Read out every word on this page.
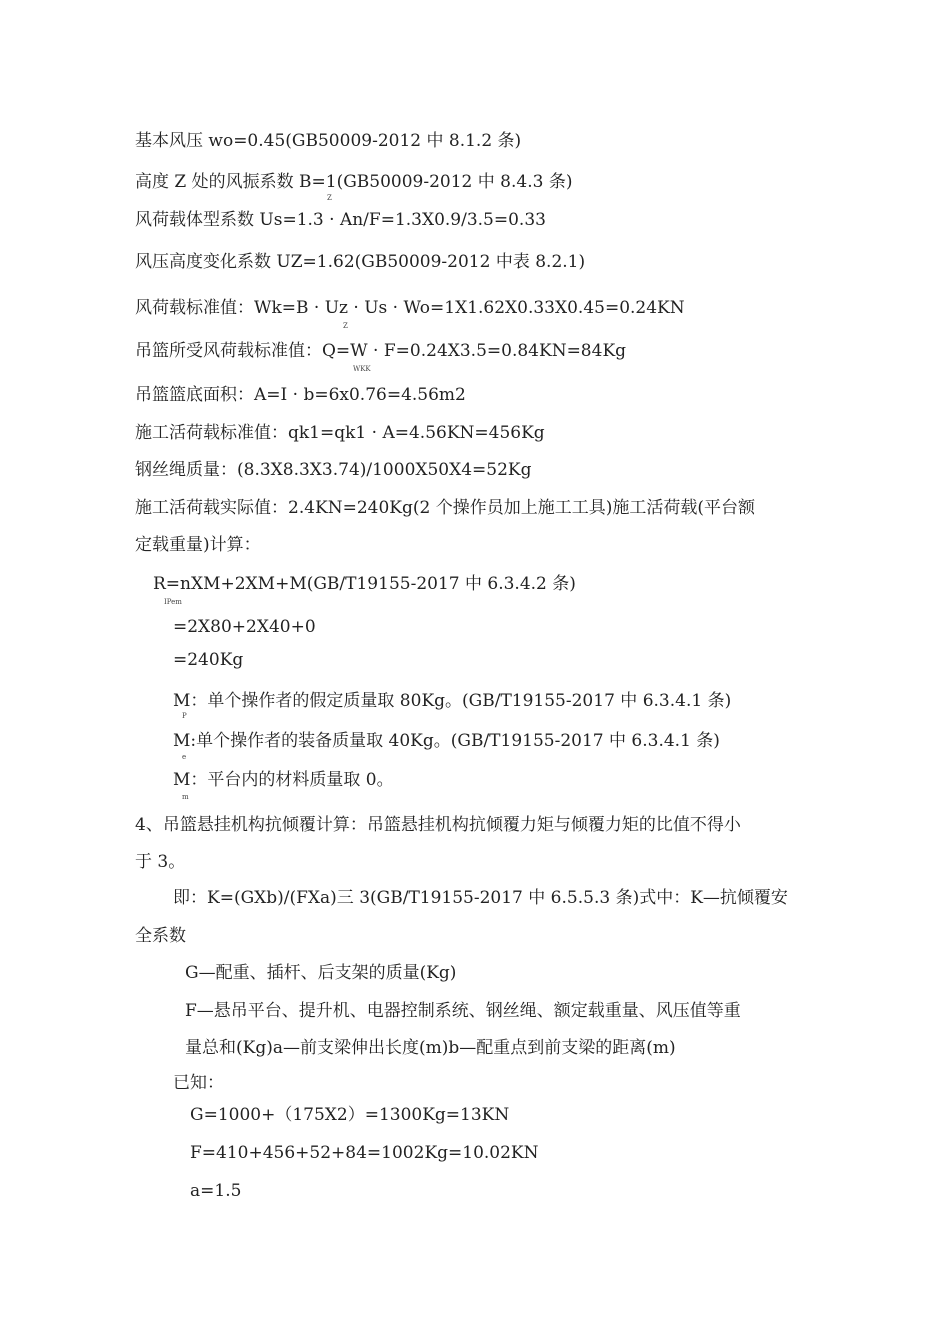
基本风压 wo=0.45(GB50009-2012 中 8.1.2 条)
高度 Z 处的风振系数 B=1(GB50009-2012 中 8.4.3 条)
Z
风荷载体型系数 Us=1.3 · An/F=1.3X0.9/3.5=0.33
风压高度变化系数 UZ=1.62(GB50009-2012 中表 8.2.1)
风荷载标准值：Wk=B · Uz · Us · Wo=1X1.62X0.33X0.45=0.24KN
Z
吊篮所受风荷载标准值：Q=W · F=0.24X3.5=0.84KN=84Kg
WKK
吊篮篮底面积：A=I · b=6x0.76=4.56m2
施工活荷载标准值：qk1=qk1 · A=4.56KN=456Kg
钢丝绳质量：(8.3X8.3X3.74)/1000X50X4=52Kg
施工活荷载实际值：2.4KN=240Kg(2 个操作员加上施工工具)施工活荷载(平台额
定载重量)计算：
R=nXM+2XM+M(GB/T19155-2017 中 6.3.4.2 条)
IPem
=2X80+2X40+0
=240Kg
M：单个操作者的假定质量取 80Kg。(GB/T19155-2017 中 6.3.4.1 条)
P
M:单个操作者的装备质量取 40Kg。(GB/T19155-2017 中 6.3.4.1 条)
e
M：平台内的材料质量取 0。
m
4、吊篮悬挂机构抗倾覆计算：吊篮悬挂机构抗倾覆力矩与倾覆力矩的比值不得小
于 3。
即：K=(GXb)/(FXa)三 3(GB/T19155-2017 中 6.5.5.3 条)式中：K—抗倾覆安
全系数
G—配重、插杆、后支架的质量(Kg)
F—悬吊平台、提升机、电器控制系统、钢丝绳、额定载重量、风压值等重
量总和(Kg)a—前支梁伸出长度(m)b—配重点到前支梁的距离(m)
已知：
G=1000+（175X2）=1300Kg=13KN
F=410+456+52+84=1002Kg=10.02KN
a=1.5
